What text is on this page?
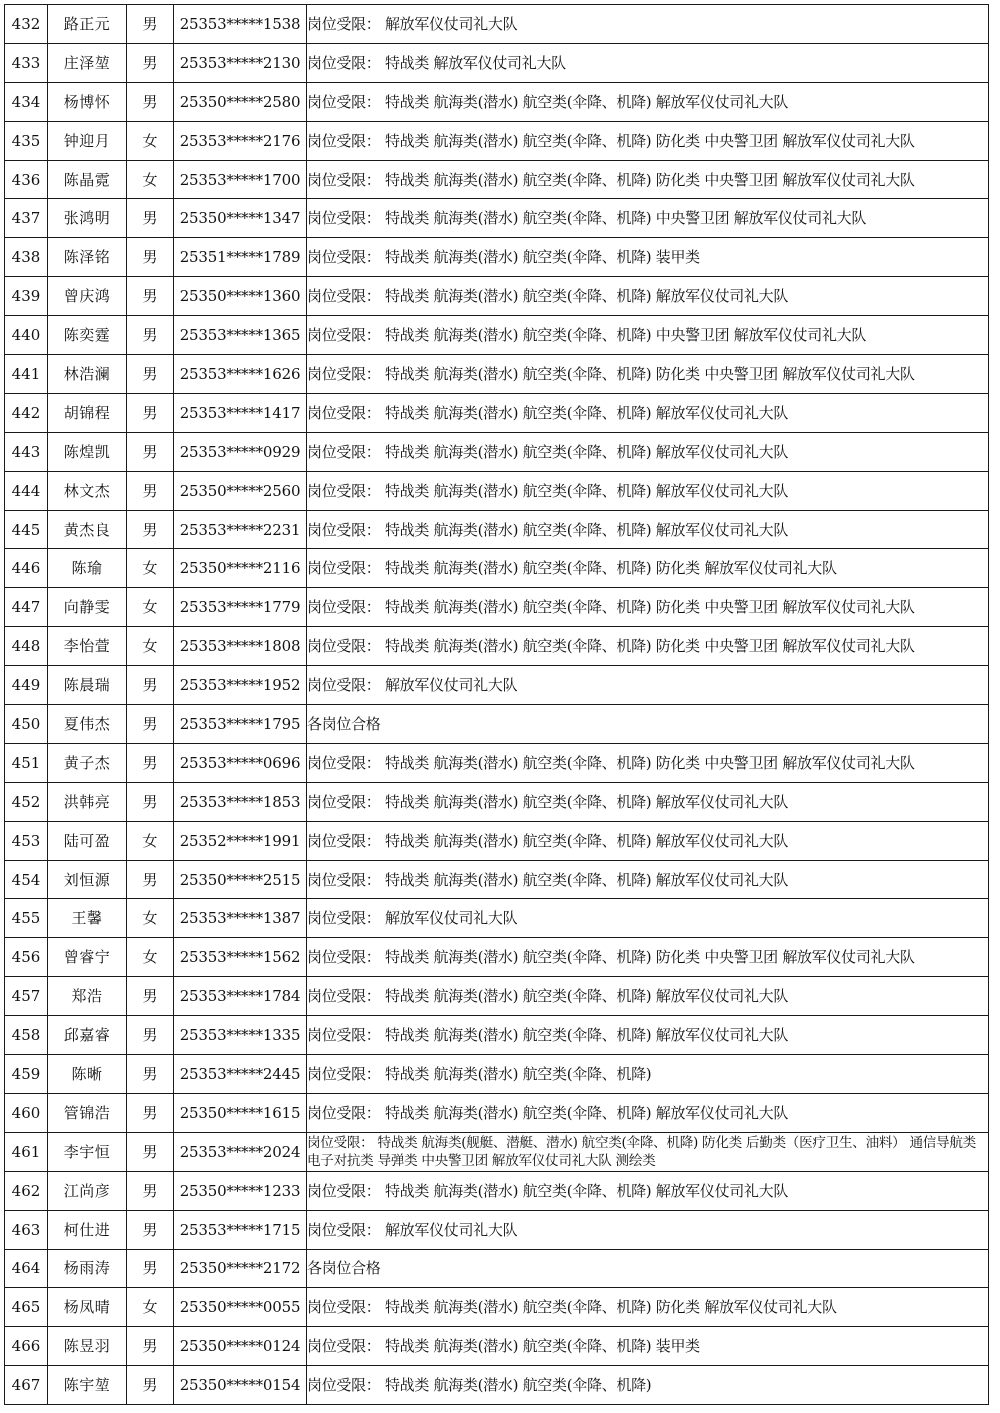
432	路正元	男	25353*****1538	岗位受限： 解放军仪仗司礼大队
433	庄泽堃	男	25353*****2130	岗位受限： 特战类 解放军仪仗司礼大队
434	杨博怀	男	25350*****2580	岗位受限： 特战类 航海类(潜水) 航空类(伞降、机降) 解放军仪仗司礼大队
435	钟迎月	女	25353*****2176	岗位受限： 特战类 航海类(潜水) 航空类(伞降、机降) 防化类 中央警卫团 解放军仪仗司礼大队
436	陈晶霓	女	25353*****1700	岗位受限： 特战类 航海类(潜水) 航空类(伞降、机降) 防化类 中央警卫团 解放军仪仗司礼大队
437	张鸿明	男	25350*****1347	岗位受限： 特战类 航海类(潜水) 航空类(伞降、机降) 中央警卫团 解放军仪仗司礼大队
438	陈泽铭	男	25351*****1789	岗位受限： 特战类 航海类(潜水) 航空类(伞降、机降) 装甲类
439	曾庆鸿	男	25350*****1360	岗位受限： 特战类 航海类(潜水) 航空类(伞降、机降) 解放军仪仗司礼大队
440	陈奕霆	男	25353*****1365	岗位受限： 特战类 航海类(潜水) 航空类(伞降、机降) 中央警卫团 解放军仪仗司礼大队
441	林浩澜	男	25353*****1626	岗位受限： 特战类 航海类(潜水) 航空类(伞降、机降) 防化类 中央警卫团 解放军仪仗司礼大队
442	胡锦程	男	25353*****1417	岗位受限： 特战类 航海类(潜水) 航空类(伞降、机降) 解放军仪仗司礼大队
443	陈煌凯	男	25353*****0929	岗位受限： 特战类 航海类(潜水) 航空类(伞降、机降) 解放军仪仗司礼大队
444	林文杰	男	25350*****2560	岗位受限： 特战类 航海类(潜水) 航空类(伞降、机降) 解放军仪仗司礼大队
445	黄杰良	男	25353*****2231	岗位受限： 特战类 航海类(潜水) 航空类(伞降、机降) 解放军仪仗司礼大队
446	陈瑜	女	25350*****2116	岗位受限： 特战类 航海类(潜水) 航空类(伞降、机降) 防化类 解放军仪仗司礼大队
447	向静雯	女	25353*****1779	岗位受限： 特战类 航海类(潜水) 航空类(伞降、机降) 防化类 中央警卫团 解放军仪仗司礼大队
448	李怡萱	女	25353*****1808	岗位受限： 特战类 航海类(潜水) 航空类(伞降、机降) 防化类 中央警卫团 解放军仪仗司礼大队
449	陈晨瑞	男	25353*****1952	岗位受限： 解放军仪仗司礼大队
450	夏伟杰	男	25353*****1795	各岗位合格
451	黄子杰	男	25353*****0696	岗位受限： 特战类 航海类(潜水) 航空类(伞降、机降) 防化类 中央警卫团 解放军仪仗司礼大队
452	洪韩亮	男	25353*****1853	岗位受限： 特战类 航海类(潜水) 航空类(伞降、机降) 解放军仪仗司礼大队
453	陆可盈	女	25352*****1991	岗位受限： 特战类 航海类(潜水) 航空类(伞降、机降) 解放军仪仗司礼大队
454	刘恒源	男	25350*****2515	岗位受限： 特战类 航海类(潜水) 航空类(伞降、机降) 解放军仪仗司礼大队
455	王馨	女	25353*****1387	岗位受限： 解放军仪仗司礼大队
456	曾睿宁	女	25353*****1562	岗位受限： 特战类 航海类(潜水) 航空类(伞降、机降) 防化类 中央警卫团 解放军仪仗司礼大队
457	郑浩	男	25353*****1784	岗位受限： 特战类 航海类(潜水) 航空类(伞降、机降) 解放军仪仗司礼大队
458	邱嘉睿	男	25353*****1335	岗位受限： 特战类 航海类(潜水) 航空类(伞降、机降) 解放军仪仗司礼大队
459	陈晰	男	25353*****2445	岗位受限： 特战类 航海类(潜水) 航空类(伞降、机降)
460	管锦浩	男	25350*****1615	岗位受限： 特战类 航海类(潜水) 航空类(伞降、机降) 解放军仪仗司礼大队
461	李宇恒	男	25353*****2024	岗位受限： 特战类 航海类(舰艇、潜艇、潜水) 航空类(伞降、机降) 防化类 后勤类（医疗卫生、油料） 通信导航类 电子对抗类 导弹类 中央警卫团 解放军仪仗司礼大队 测绘类
462	江尚彦	男	25350*****1233	岗位受限： 特战类 航海类(潜水) 航空类(伞降、机降) 解放军仪仗司礼大队
463	柯仕进	男	25353*****1715	岗位受限： 解放军仪仗司礼大队
464	杨雨涛	男	25350*****2172	各岗位合格
465	杨凤晴	女	25350*****0055	岗位受限： 特战类 航海类(潜水) 航空类(伞降、机降) 防化类 解放军仪仗司礼大队
466	陈昱羽	男	25350*****0124	岗位受限： 特战类 航海类(潜水) 航空类(伞降、机降) 装甲类
467	陈宇堃	男	25350*****0154	岗位受限： 特战类 航海类(潜水) 航空类(伞降、机降)
